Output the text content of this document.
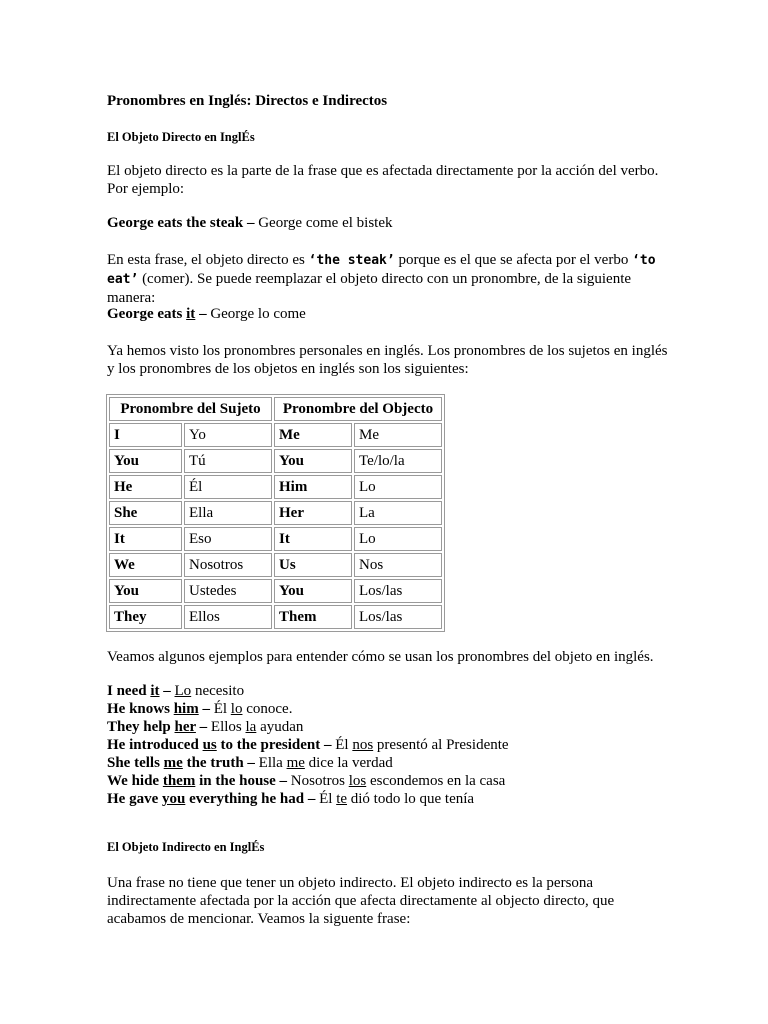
Pronombres en Inglés: Directos e Indirectos
El Objeto Directo en InglÉs

El objeto directo es la parte de la frase que es afectada directamente por la acción del verbo. Por ejemplo:

George eats the steak – George come el bistek

En esta frase, el objeto directo es ‘the steak’ porque es el que se afecta por el verbo ‘to eat’ (comer). Se puede reemplazar el objeto directo con un pronombre, de la siguiente manera:

George eats it – George lo come

Ya hemos visto los pronombres personales en inglés. Los pronombres de los sujetos en inglés y los pronombres de los objetos en inglés son los siguientes:

Pronombre del Sujeto		Pronombre del Objecto	
I	Yo	Me	Me
You	Tú	You	Te/lo/la
He	Él	Him	Lo
She	Ella	Her	La
It	Eso	It	Lo
We	Nosotros	Us	Nos
You	Ustedes	You	Los/las
They	Ellos	Them	Los/las

Veamos algunos ejemplos para entender cómo se usan los pronombres del objeto en inglés.

I need it – Lo necesito
He knows him – Él lo conoce.
They help her – Ellos la ayudan
He introduced us to the president – Él nos presentó al Presidente
She tells me the truth – Ella me dice la verdad
We hide them in the house – Nosotros los escondemos en la casa
He gave you everything he had – Él te dió todo lo que tenía
El Objeto Indirecto en InglÉs

Una frase no tiene que tener un objeto indirecto. El objeto indirecto es la persona indirectamente afectada por la acción que afecta directamente al objecto directo, que acabamos de mencionar. Veamos la siguente frase:
